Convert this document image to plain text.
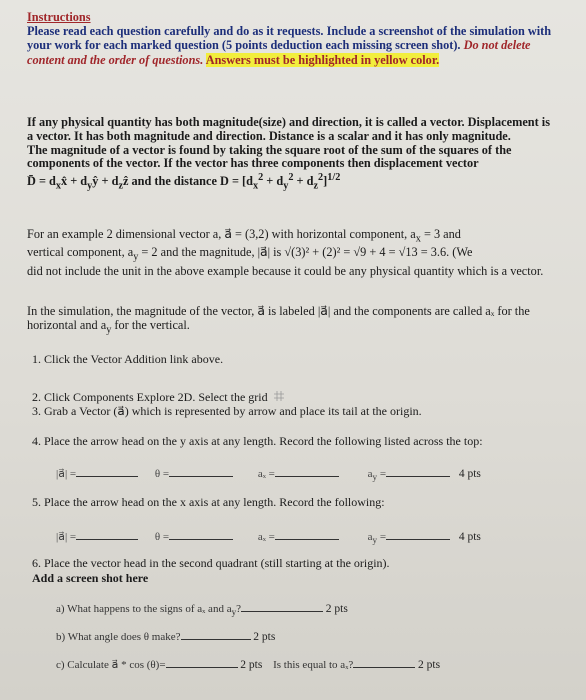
Instructions
Please read each question carefully and do as it requests. Include a screenshot of the simulation with your work for each marked question (5 points deduction each missing screen shot). Do not delete content and the order of questions. Answers must be highlighted in yellow color.
If any physical quantity has both magnitude(size) and direction, it is called a vector. Displacement is a vector. It has both magnitude and direction. Distance is a scalar and it has only magnitude.
The magnitude of a vector is found by taking the square root of the sum of the squares of the components of the vector. If the vector has three components then displacement vector
D̄ = $d_xx̂$ + $d_yŷ$ + $d_zẑ$ and the distance $D = [d_x^2 + d_y^2 + d_z^2]^{1/2}$
For an example 2 dimensional vector a, a⃗ = (3,2) with horizontal component, $a_x = 3$ and
vertical component, $a_y = 2$ and the magnitude, |a⃗| is √(3)² + (2)² = √9 + 4 = √13 = 3.6. (We
did not include the unit in the above example because it could be any physical quantity which is a vector.
In the simulation, the magnitude of the vector, a⃗ is labeled |a⃗| and the components are called aₓ for the horizontal and $a_y$ for the vertical.
1. Click the Vector Addition link above.
2. Click Components Explore 2D. Select the grid
3. Grab a Vector (a⃗) which is represented by arrow and place its tail at the origin.
4. Place the arrow head on the y axis at any length. Record the following listed across the top:
|a⃗| =	θ =	aₓ =	$a_y$ =	4 pts
5. Place the arrow head on the x axis at any length. Record the following:
|a⃗| =	θ =	aₓ =	$a_y$ =	4 pts
6. Place the vector head in the second quadrant (still starting at the origin).
Add a screen shot here
a) What happens to the signs of aₓ and $a_y$?	2 pts
b) What angle does θ make?	2 pts
c) Calculate a⃗ * cos (θ)=	2 pts Is this equal to aₓ?	2 pts
